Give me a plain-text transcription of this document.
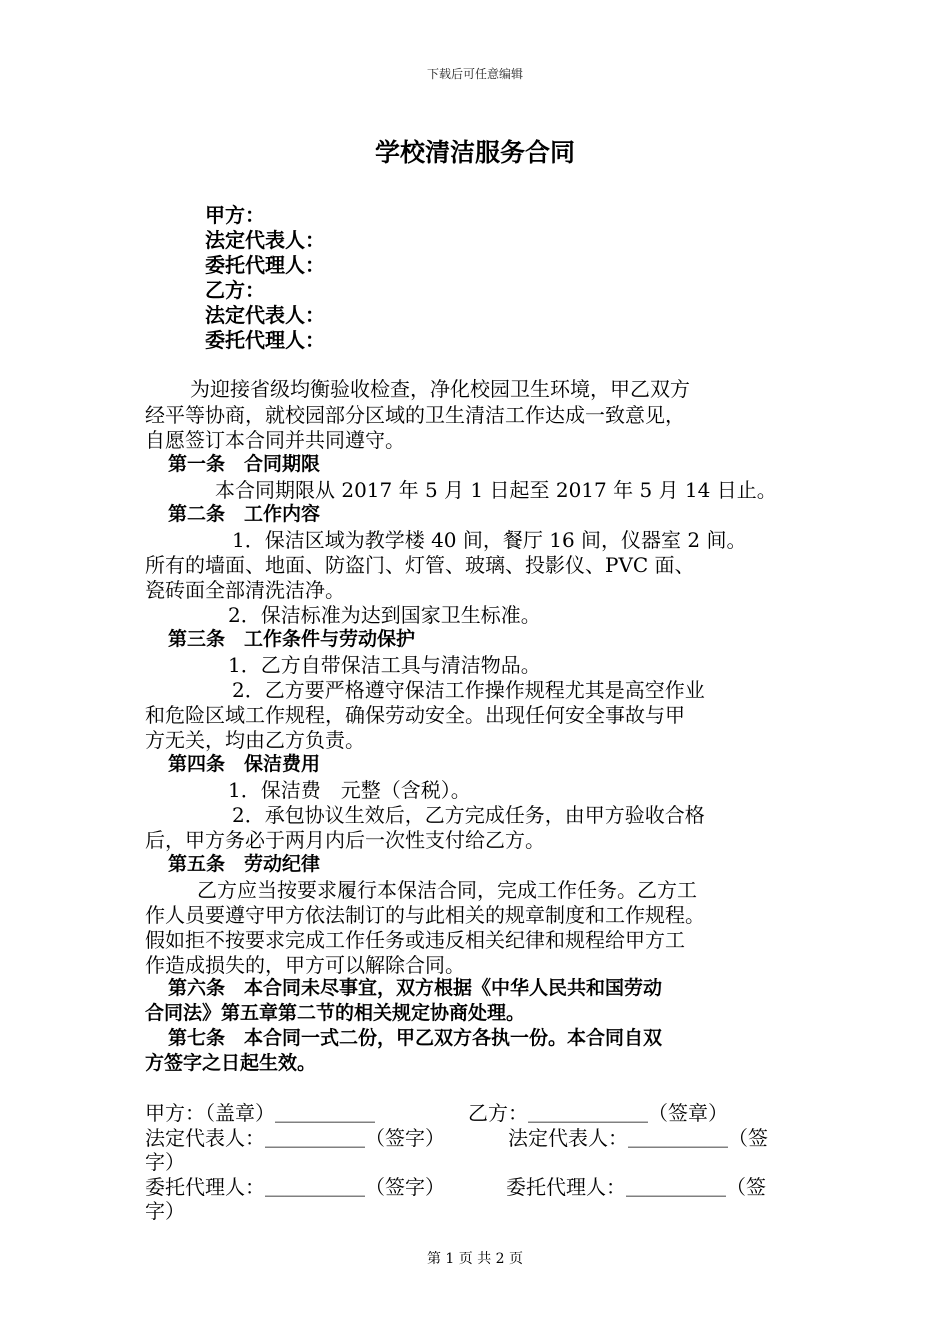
下载后可任意编辑
学校清洁服务合同
甲方：
法定代表人：
委托代理人：
乙方：
法定代表人：
委托代理人：
为迎接省级均衡验收检查，净化校园卫生环境，甲乙双方
经平等协商，就校园部分区域的卫生清洁工作达成一致意见，
自愿签订本合同并共同遵守。
第一条　合同期限
本合同期限从 2017 年 5 月 1 日起至 2017 年 5 月 14 日止。
第二条　工作内容
1．保洁区域为教学楼 40 间，餐厅 16 间，仪器室 2 间。
所有的墙面、地面、防盗门、灯管、玻璃、投影仪、PVC 面、
瓷砖面全部清洗洁净。
2．保洁标准为达到国家卫生标准。
第三条　工作条件与劳动保护
1．乙方自带保洁工具与清洁物品。
2．乙方要严格遵守保洁工作操作规程尤其是高空作业
和危险区域工作规程，确保劳动安全。出现任何安全事故与甲
方无关，均由乙方负责。
第四条　保洁费用
1．保洁费　元整（含税）。
2．承包协议生效后，乙方完成任务，由甲方验收合格
后，甲方务必于两月内后一次性支付给乙方。
第五条　劳动纪律
乙方应当按要求履行本保洁合同，完成工作任务。乙方工
作人员要遵守甲方依法制订的与此相关的规章制度和工作规程。
假如拒不按要求完成工作任务或违反相关纪律和规程给甲方工
作造成损失的，甲方可以解除合同。
第六条　本合同未尽事宜，双方根据《中华人民共和国劳动
合同法》第五章第二节的相关规定协商处理。
第七条　本合同一式二份，甲乙双方各执一份。本合同自双
方签字之日起生效。
甲方：（盖章）＿＿＿＿＿	乙方：＿＿＿＿＿＿（签章）
法定代表人：＿＿＿＿＿（签字）	法定代表人：＿＿＿＿＿（签
字）
委托代理人：＿＿＿＿＿（签字）	委托代理人：＿＿＿＿＿（签
字）
第 1 页 共 2 页
